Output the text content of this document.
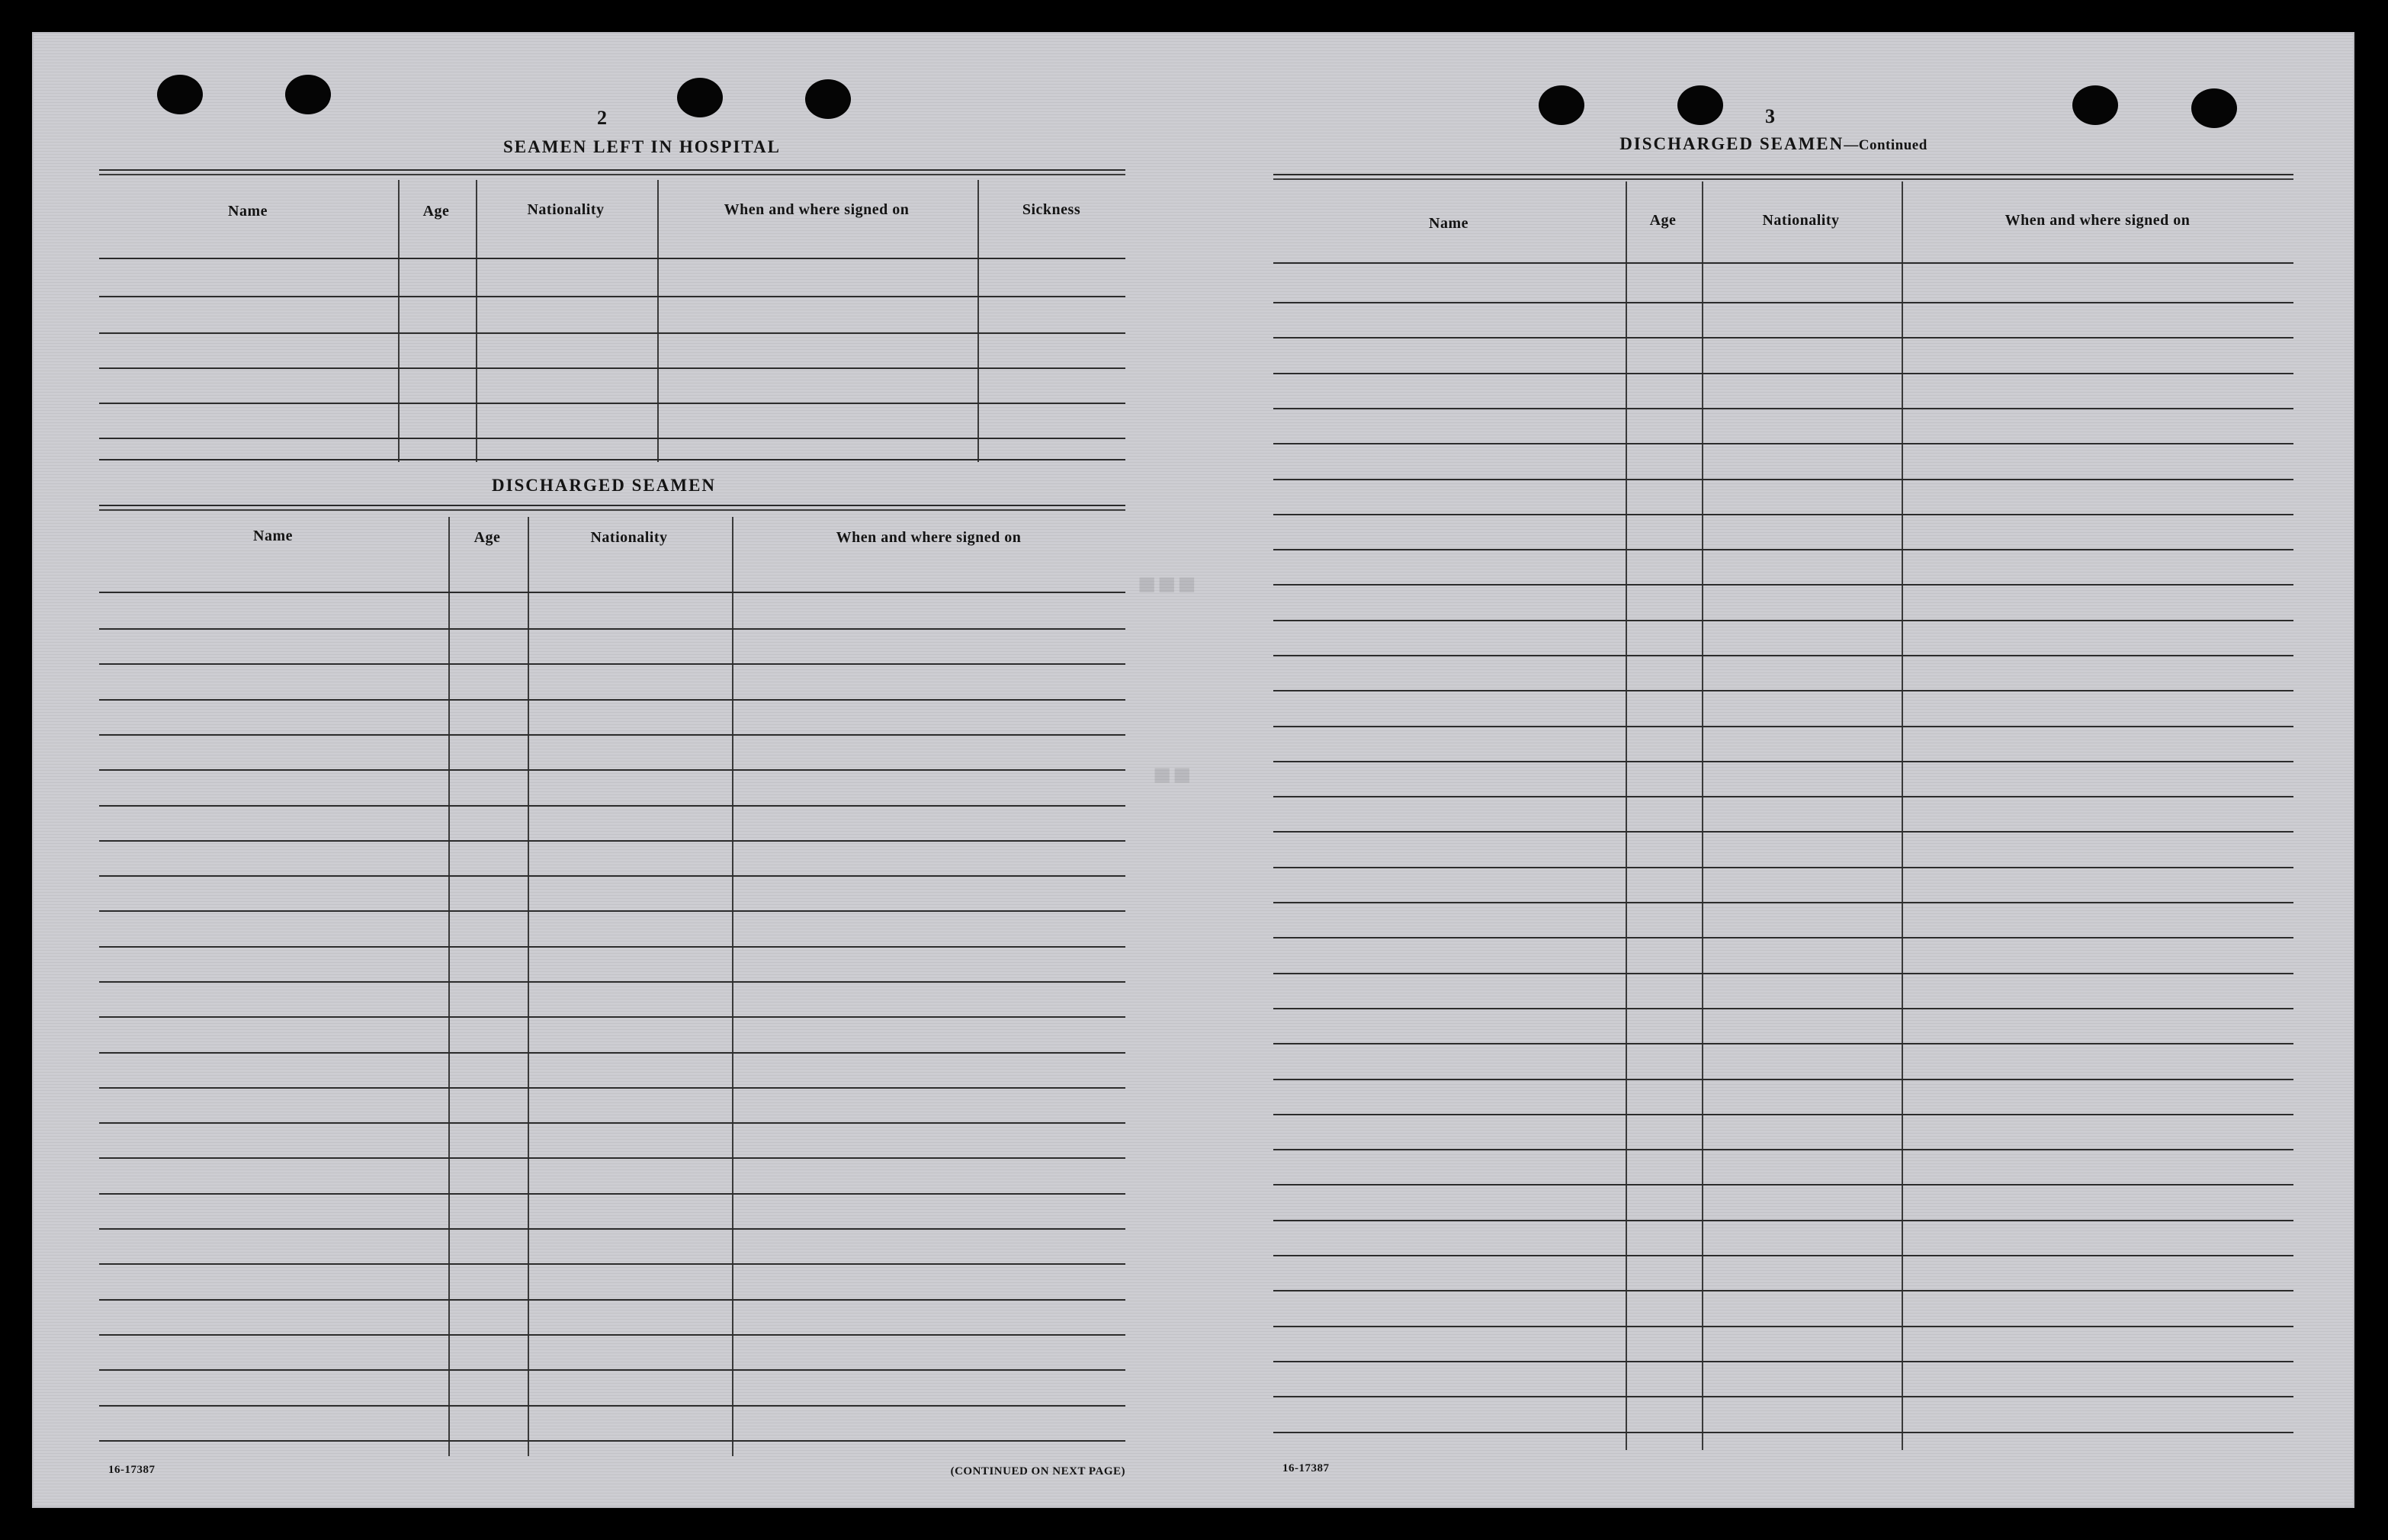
■■■
■■
2
SEAMEN LEFT IN HOSPITAL
Name	Age	Nationality	When and where signed on	Sickness
DISCHARGED SEAMEN
Name	Age	Nationality	When and where signed on
16-17387	(CONTINUED ON NEXT PAGE)
3
DISCHARGED SEAMEN—Continued
Name	Age	Nationality	When and where signed on
16-17387
